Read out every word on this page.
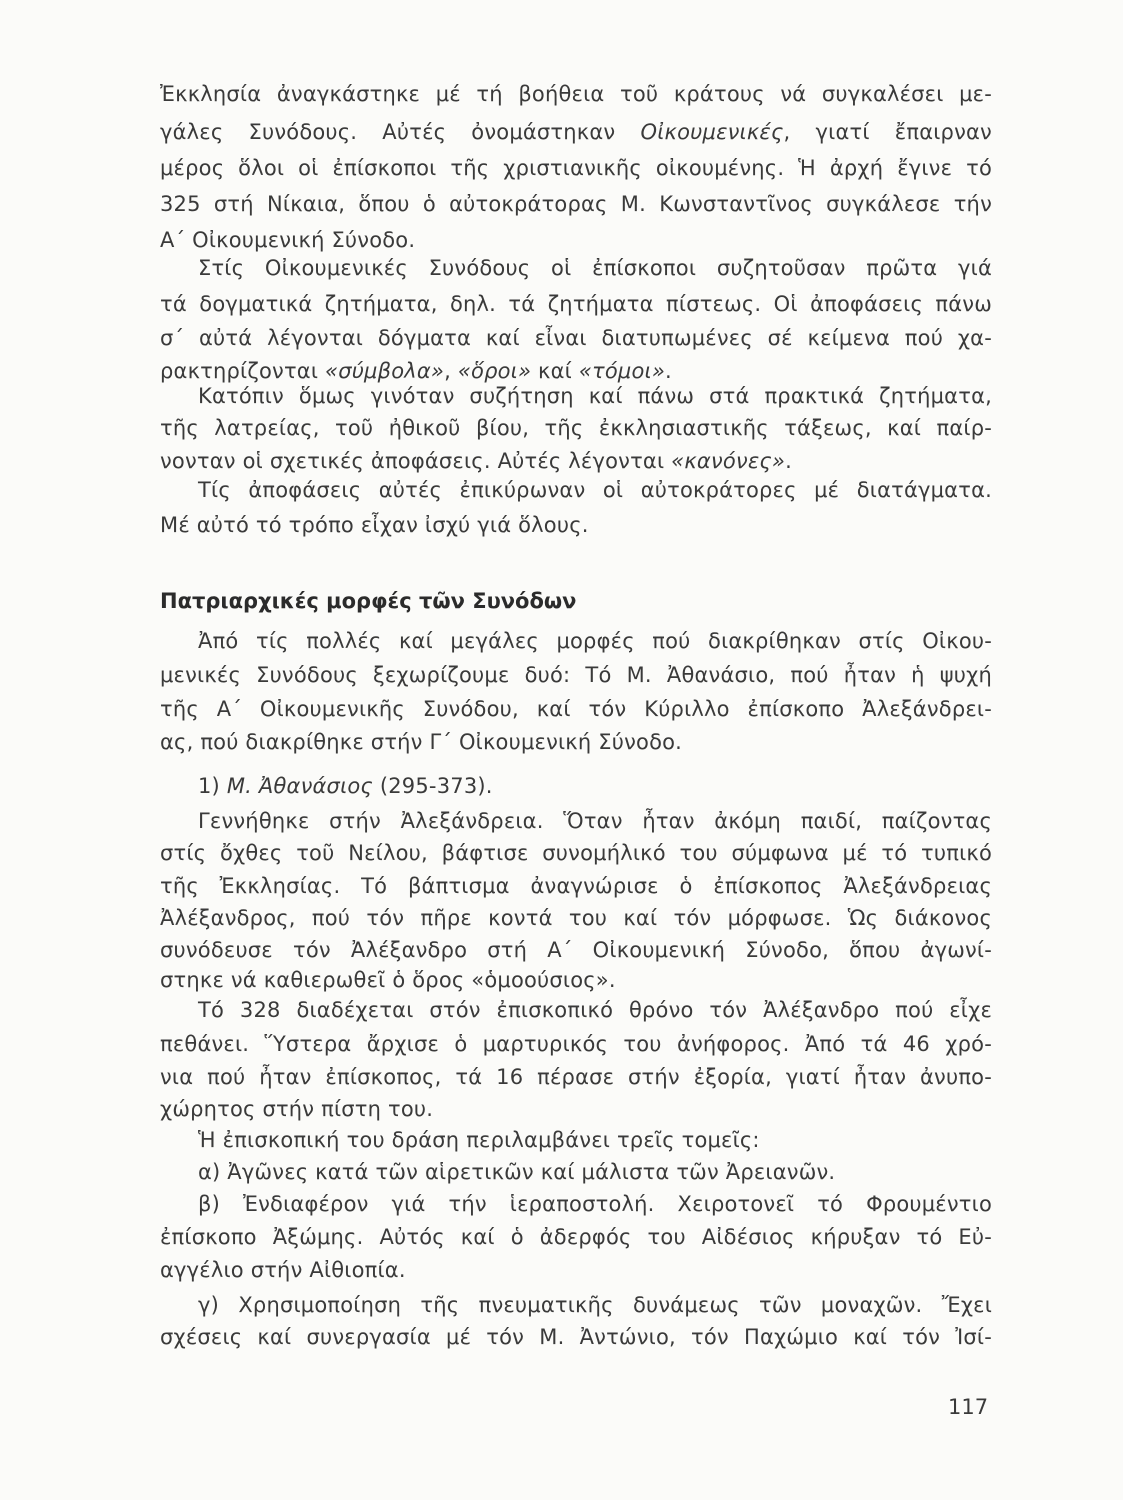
Ἐκκλησία ἀναγκάστηκε μέ τή βοήθεια τοῦ κράτους νά συγκαλέσει με-
γάλες Συνόδους. Αὐτές ὀνομάστηκαν Οἰκουμενικές, γιατί ἔπαιρναν
μέρος ὅλοι οἱ ἐπίσκοποι τῆς χριστιανικῆς οἰκουμένης. Ἡ ἀρχή ἔγινε τό
325 στή Νίκαια, ὅπου ὁ αὐτοκράτορας Μ. Κωνσταντῖνος συγκάλεσε τήν
Α΄ Οἰκουμενική Σύνοδο.
Στίς Οἰκουμενικές Συνόδους οἱ ἐπίσκοποι συζητοῦσαν πρῶτα γιά
τά δογματικά ζητήματα, δηλ. τά ζητήματα πίστεως. Οἱ ἀποφάσεις πάνω
σ΄ αὐτά λέγονται δόγματα καί εἶναι διατυπωμένες σέ κείμενα πού χα-
ρακτηρίζονται «σύμβολα», «ὅροι» καί «τόμοι».
Κατόπιν ὅμως γινόταν συζήτηση καί πάνω στά πρακτικά ζητήματα,
τῆς λατρείας, τοῦ ἠθικοῦ βίου, τῆς ἐκκλησιαστικῆς τάξεως, καί παίρ-
νονταν οἱ σχετικές ἀποφάσεις. Αὐτές λέγονται «κανόνες».
Τίς ἀποφάσεις αὐτές ἐπικύρωναν οἱ αὐτοκράτορες μέ διατάγματα.
Μέ αὐτό τό τρόπο εἶχαν ἰσχύ γιά ὅλους.
Πατριαρχικές μορφές τῶν Συνόδων
Ἀπό τίς πολλές καί μεγάλες μορφές πού διακρίθηκαν στίς Οἰκου-
μενικές Συνόδους ξεχωρίζουμε δυό: Τό Μ. Ἀθανάσιο, πού ἦταν ἡ ψυχή
τῆς Α΄ Οἰκουμενικῆς Συνόδου, καί τόν Κύριλλο ἐπίσκοπο Ἀλεξάνδρει-
ας, πού διακρίθηκε στήν Γ΄ Οἰκουμενική Σύνοδο.
1) Μ. Ἀθανάσιος (295-373).
Γεννήθηκε στήν Ἀλεξάνδρεια. Ὅταν ἦταν ἀκόμη παιδί, παίζοντας
στίς ὄχθες τοῦ Νείλου, βάφτισε συνομήλικό του σύμφωνα μέ τό τυπικό
τῆς Ἐκκλησίας. Τό βάπτισμα ἀναγνώρισε ὁ ἐπίσκοπος Ἀλεξάνδρειας
Ἀλέξανδρος, πού τόν πῆρε κοντά του καί τόν μόρφωσε. Ὡς διάκονος
συνόδευσε τόν Ἀλέξανδρο στή Α΄ Οἰκουμενική Σύνοδο, ὅπου ἀγωνί-
στηκε νά καθιερωθεῖ ὁ ὅρος «ὁμοούσιος».
Τό 328 διαδέχεται στόν ἐπισκοπικό θρόνο τόν Ἀλέξανδρο πού εἶχε
πεθάνει. Ὕστερα ἄρχισε ὁ μαρτυρικός του ἀνήφορος. Ἀπό τά 46 χρό-
νια πού ἦταν ἐπίσκοπος, τά 16 πέρασε στήν ἐξορία, γιατί ἦταν ἀνυπο-
χώρητος στήν πίστη του.
Ἡ ἐπισκοπική του δράση περιλαμβάνει τρεῖς τομεῖς:
α) Ἀγῶνες κατά τῶν αἱρετικῶν καί μάλιστα τῶν Ἀρειανῶν.
β) Ἐνδιαφέρον γιά τήν ἱεραποστολή. Χειροτονεῖ τό Φρουμέντιο
ἐπίσκοπο Ἀξώμης. Αὐτός καί ὁ ἀδερφός του Αἰδέσιος κήρυξαν τό Εὐ-
αγγέλιο στήν Αἰθιοπία.
γ) Χρησιμοποίηση τῆς πνευματικῆς δυνάμεως τῶν μοναχῶν. Ἔχει
σχέσεις καί συνεργασία μέ τόν Μ. Ἀντώνιο, τόν Παχώμιο καί τόν Ἰσί-
117
